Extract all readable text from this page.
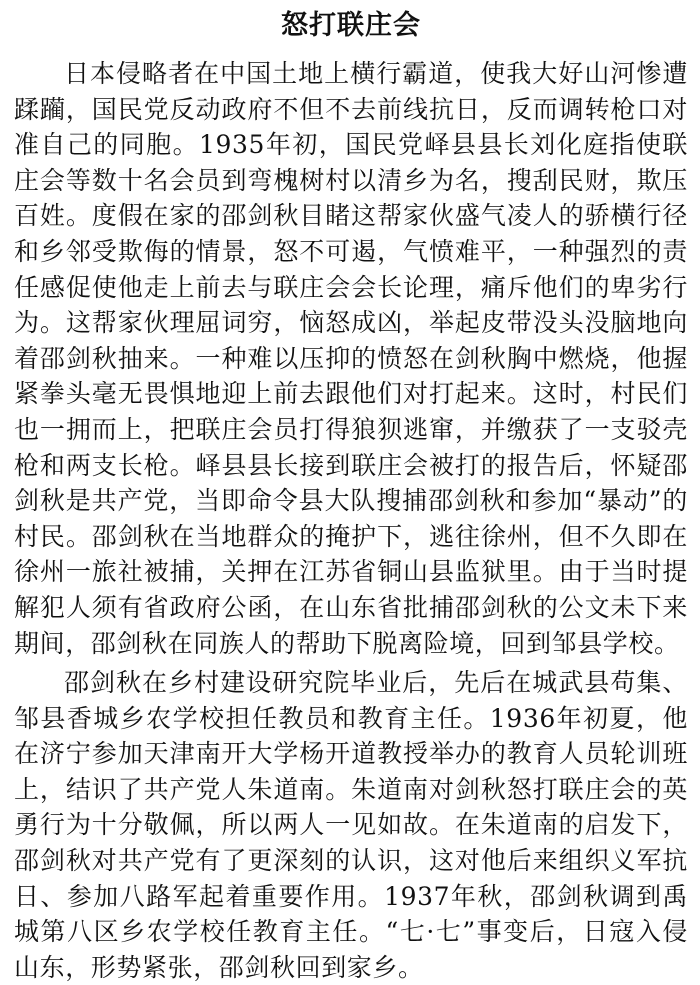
怒打联庄会

日本侵略者在中国土地上横行霸道，使我大好山河惨遭蹂躏，国民党反动政府不但不去前线抗日，反而调转枪口对准自己的同胞。1935年初，国民党峄县县长刘化庭指使联庄会等数十名会员到弯槐树村以清乡为名，搜刮民财，欺压百姓。度假在家的邵剑秋目睹这帮家伙盛气凌人的骄横行径和乡邻受欺侮的情景，怒不可遏，气愤难平，一种强烈的责任感促使他走上前去与联庄会会长论理，痛斥他们的卑劣行为。这帮家伙理屈词穷，恼怒成凶，举起皮带没头没脑地向着邵剑秋抽来。一种难以压抑的愤怒在剑秋胸中燃烧，他握紧拳头毫无畏惧地迎上前去跟他们对打起来。这时，村民们也一拥而上，把联庄会员打得狼狈逃窜，并缴获了一支驳壳枪和两支长枪。峄县县长接到联庄会被打的报告后，怀疑邵剑秋是共产党，当即命令县大队搜捕邵剑秋和参加“暴动”的村民。邵剑秋在当地群众的掩护下，逃往徐州，但不久即在徐州一旅社被捕，关押在江苏省铜山县监狱里。由于当时提解犯人须有省政府公函，在山东省批捕邵剑秋的公文未下来期间，邵剑秋在同族人的帮助下脱离险境，回到邹县学校。

邵剑秋在乡村建设研究院毕业后，先后在城武县苟集、邹县香城乡农学校担任教员和教育主任。1936年初夏，他在济宁参加天津南开大学杨开道教授举办的教育人员轮训班上，结识了共产党人朱道南。朱道南对剑秋怒打联庄会的英勇行为十分敬佩，所以两人一见如故。在朱道南的启发下，邵剑秋对共产党有了更深刻的认识，这对他后来组织义军抗日、参加八路军起着重要作用。1937年秋，邵剑秋调到禹城第八区乡农学校任教育主任。“七·七”事变后，日寇入侵山东，形势紧张，邵剑秋回到家乡。
